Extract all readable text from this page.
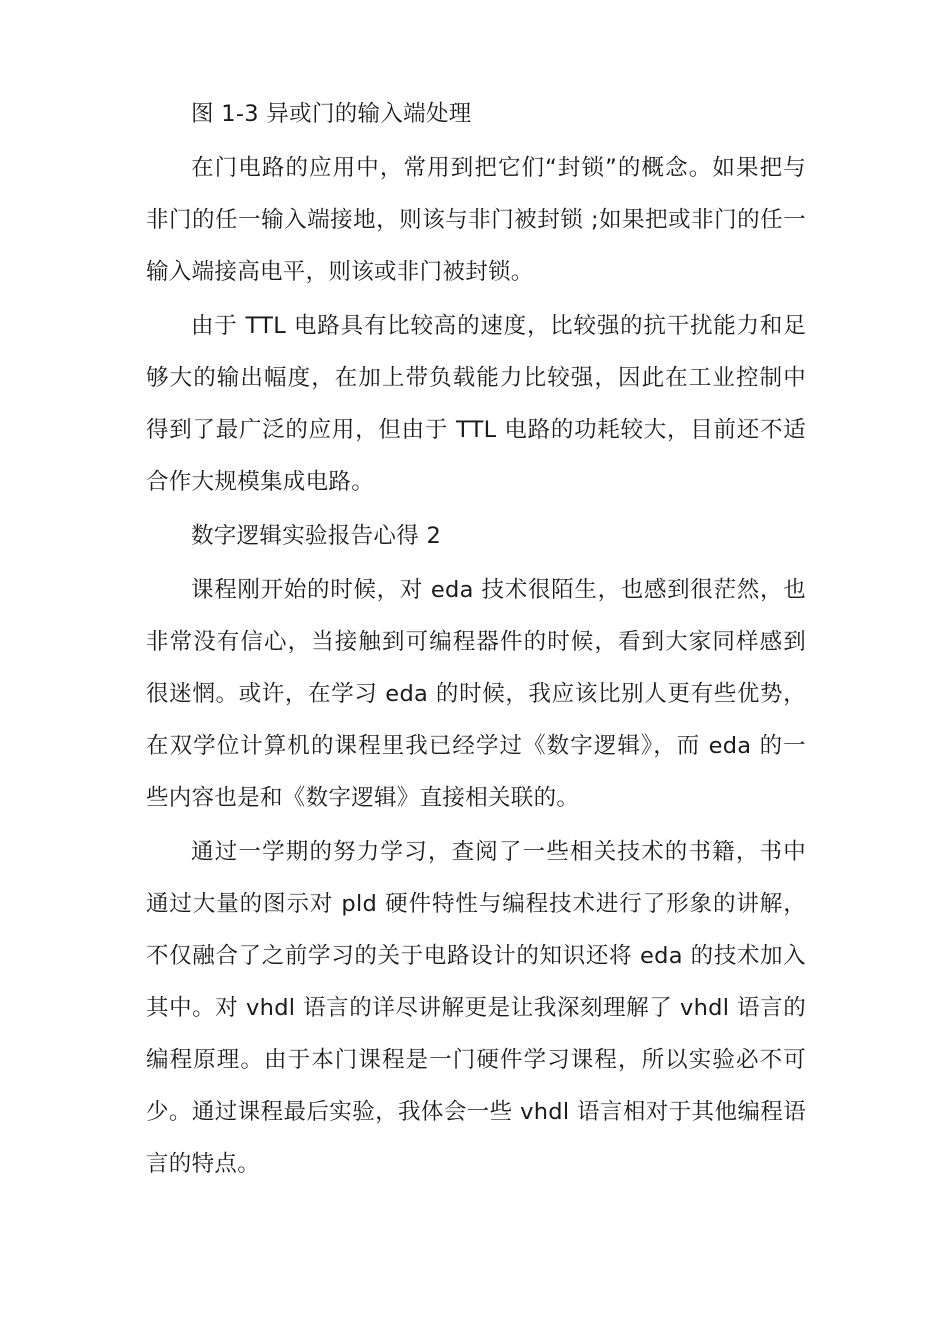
图 1-3 异或门的输入端处理

在门电路的应用中，常用到把它们“封锁”的概念。如果把与非门的任一输入端接地，则该与非门被封锁 ;如果把或非门的任一输入端接高电平，则该或非门被封锁。

由于 TTL 电路具有比较高的速度，比较强的抗干扰能力和足够大的输出幅度，在加上带负载能力比较强，因此在工业控制中得到了最广泛的应用，但由于 TTL 电路的功耗较大，目前还不适合作大规模集成电路。

数字逻辑实验报告心得 2

课程刚开始的时候，对 eda 技术很陌生，也感到很茫然，也非常没有信心，当接触到可编程器件的时候，看到大家同样感到很迷惘。或许，在学习 eda 的时候，我应该比别人更有些优势，在双学位计算机的课程里我已经学过《数字逻辑》，而 eda 的一些内容也是和《数字逻辑》直接相关联的。

通过一学期的努力学习，查阅了一些相关技术的书籍，书中通过大量的图示对 pld 硬件特性与编程技术进行了形象的讲解，不仅融合了之前学习的关于电路设计的知识还将 eda 的技术加入其中。对 vhdl 语言的详尽讲解更是让我深刻理解了 vhdl 语言的编程原理。由于本门课程是一门硬件学习课程，所以实验必不可少。通过课程最后实验，我体会一些 vhdl 语言相对于其他编程语言的特点。
